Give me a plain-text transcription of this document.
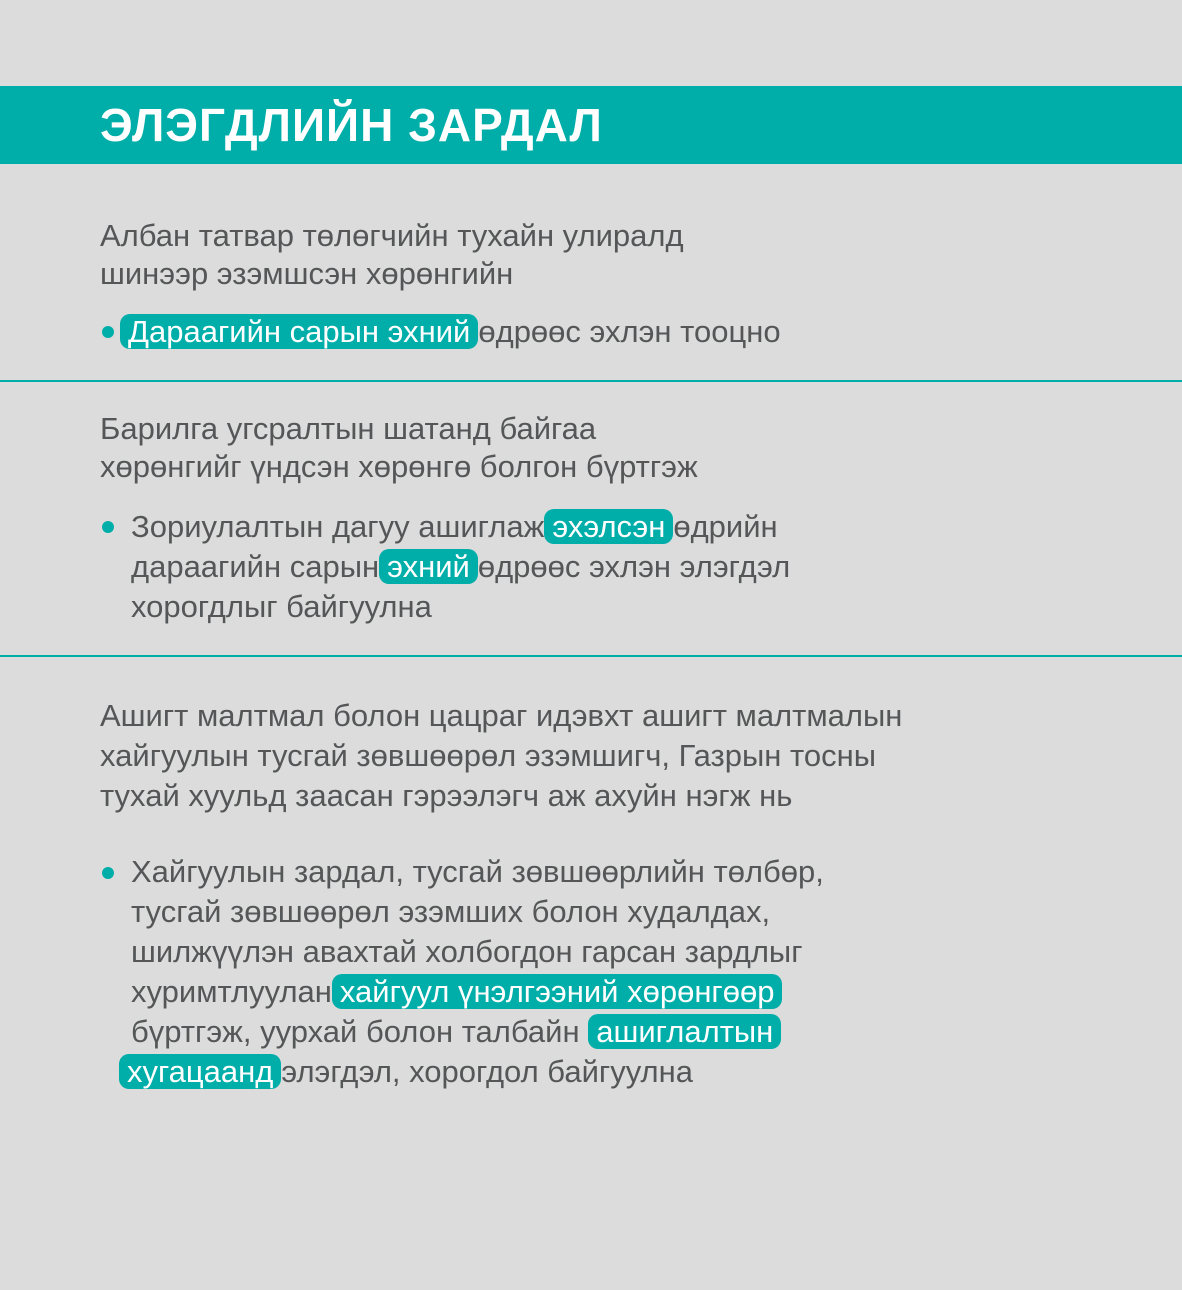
ЭЛЭГДЛИЙН ЗАРДАЛ
Албан татвар төлөгчийн тухайн улиралд
шинээр эзэмшсэн хөрөнгийн
Дараагийн сарын эхний өдрөөс эхлэн тооцно
Барилга угсралтын шатанд байгаа
хөрөнгийг үндсэн хөрөнгө болгон бүртгэж
Зориулалтын дагуу ашиглаж эхэлсэн өдрийн
дараагийн сарын эхний өдрөөс эхлэн элэгдэл
хорогдлыг байгуулна
Ашигт малтмал болон цацраг идэвхт ашигт малтмалын
хайгуулын тусгай зөвшөөрөл эзэмшигч, Газрын тосны
тухай хуульд заасан гэрээлэгч аж ахуйн нэгж нь
Хайгуулын зардал, тусгай зөвшөөрлийн төлбөр,
тусгай зөвшөөрөл эзэмших болон худалдах,
шилжүүлэн авахтай холбогдон гарсан зардлыг
хуримтлуулан хайгуул үнэлгээний хөрөнгөөр
бүртгэж, уурхай болон талбайн ашиглалтын
хугацаанд элэгдэл, хорогдол байгуулна
